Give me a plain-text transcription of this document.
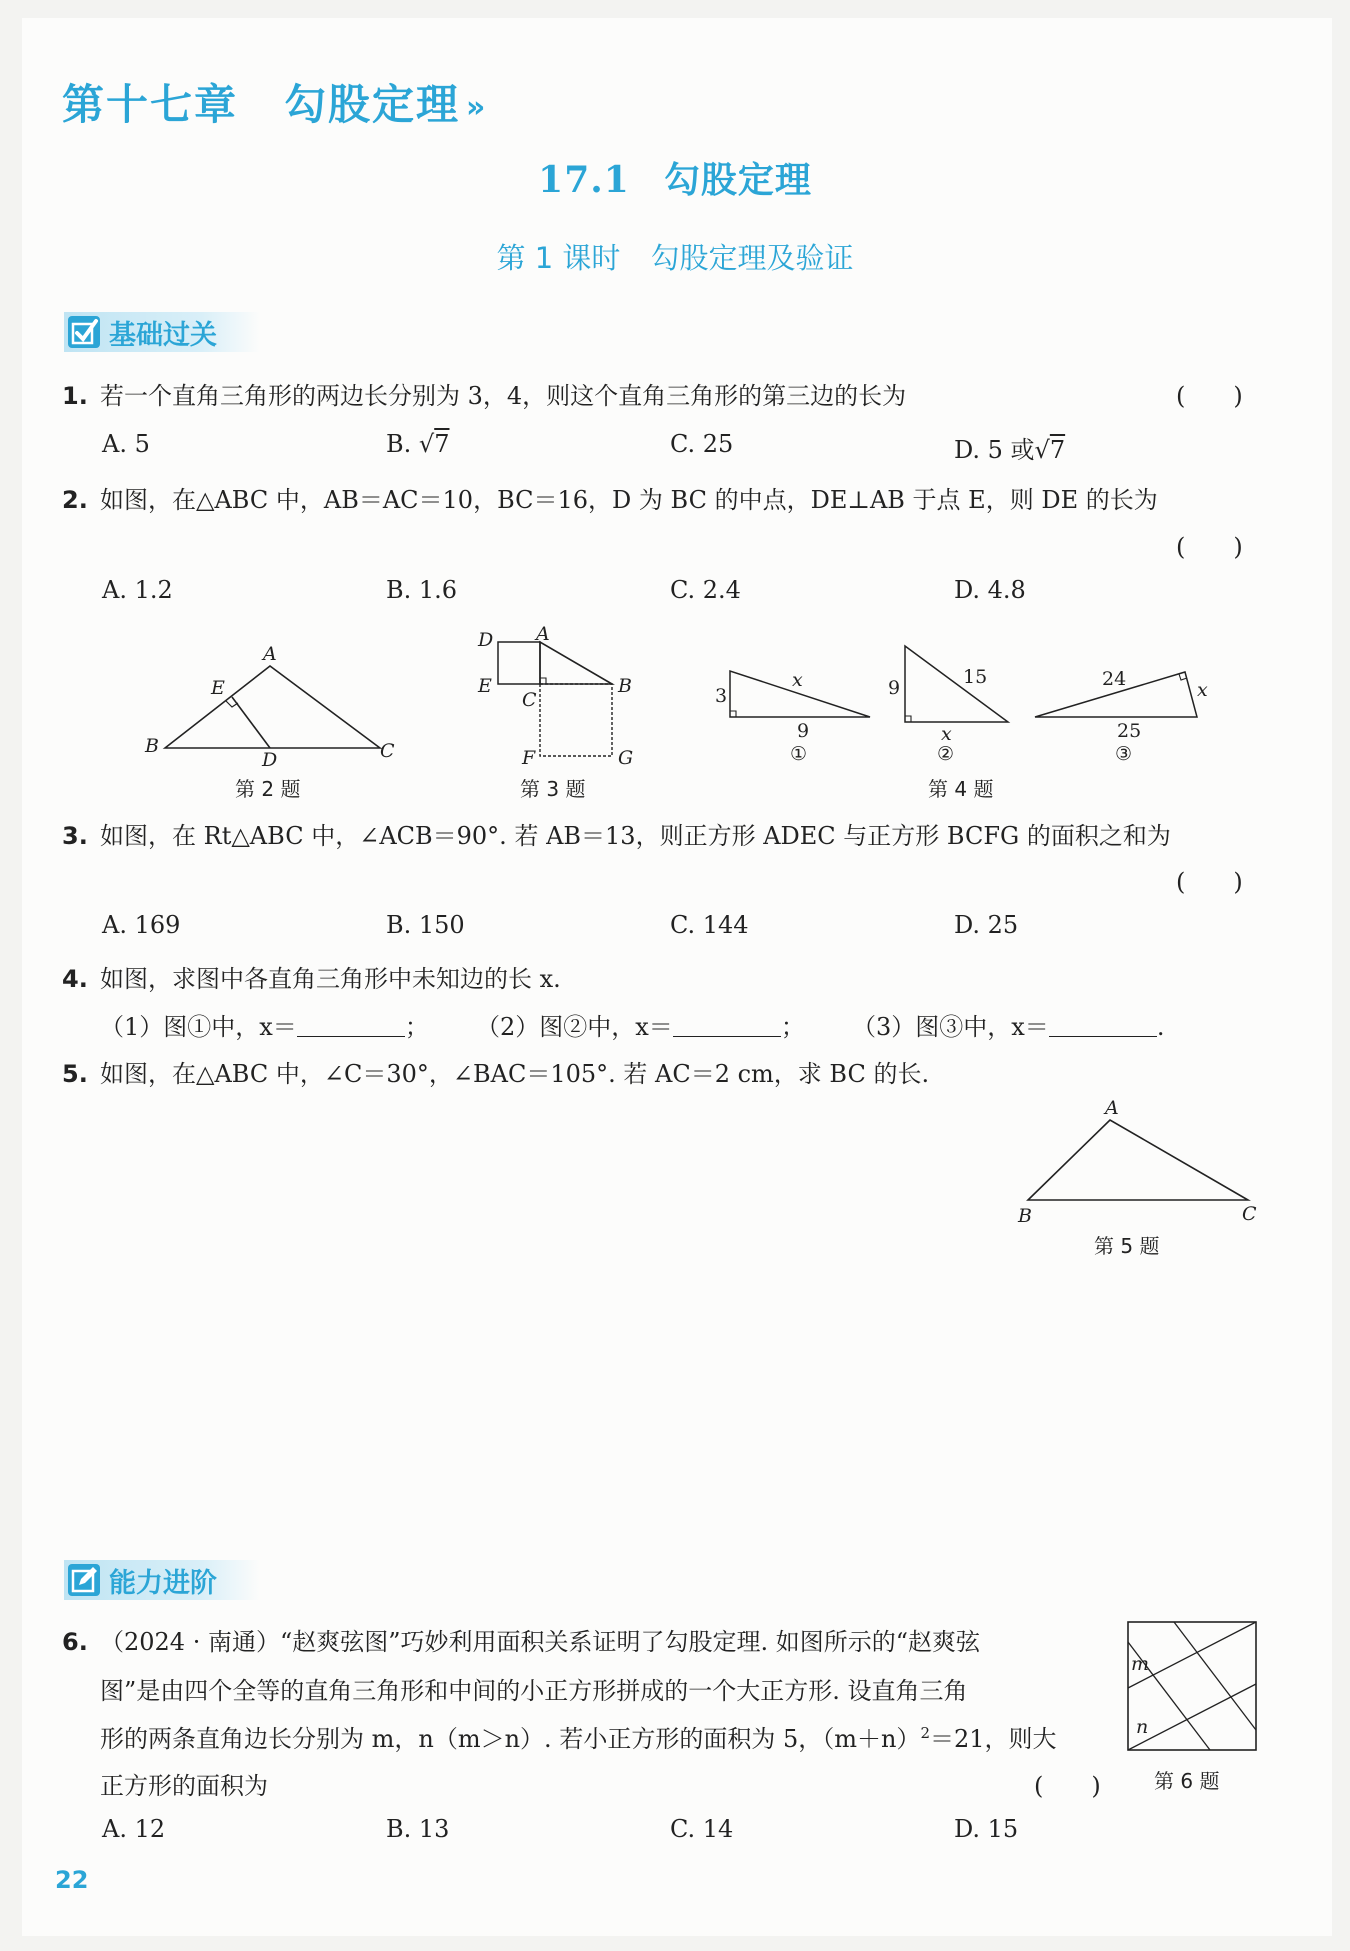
第十七章 勾股定理 »
17.1 勾股定理
第 1 课时 勾股定理及验证
基础过关
1. 若一个直角三角形的两边长分别为 3，4，则这个直角三角形的第三边的长为	(　　)
A. 5	B. √7	C. 25	D. 5 或√7
2. 如图，在△ABC 中，AB＝AC＝10，BC＝16，D 为 BC 的中点，DE⊥AB 于点 E，则 DE 的长为
(　　)
A. 1.2	B. 1.6	C. 2.4	D. 4.8
A
B	C
D
E
第 2 题
A
B
C
D
E
F	G
第 3 题
3
x
9
①
9	15
x
②
24	x
25
③
第 4 题
3. 如图，在 Rt△ABC 中，∠ACB＝90°. 若 AB＝13，则正方形 ADEC 与正方形 BCFG 的面积之和为
(　　)
A. 169	B. 150	C. 144	D. 25
4. 如图，求图中各直角三角形中未知边的长 x.
（1）图①中，x＝	； （2）图②中，x＝	； （3）图③中，x＝	.
5. 如图，在△ABC 中，∠C＝30°，∠BAC＝105°. 若 AC＝2 cm，求 BC 的长.
A
B	C
第 5 题
能力进阶
6. （2024 · 南通）“赵爽弦图”巧妙利用面积关系证明了勾股定理. 如图所示的“赵爽弦
图”是由四个全等的直角三角形和中间的小正方形拼成的一个大正方形. 设直角三角
形的两条直角边长分别为 m，n（m＞n）. 若小正方形的面积为 5，$(m+n)^2=21$，则大
正方形的面积为	(　　)
A. 12	B. 13	C. 14	D. 15
m
n
第 6 题
22
